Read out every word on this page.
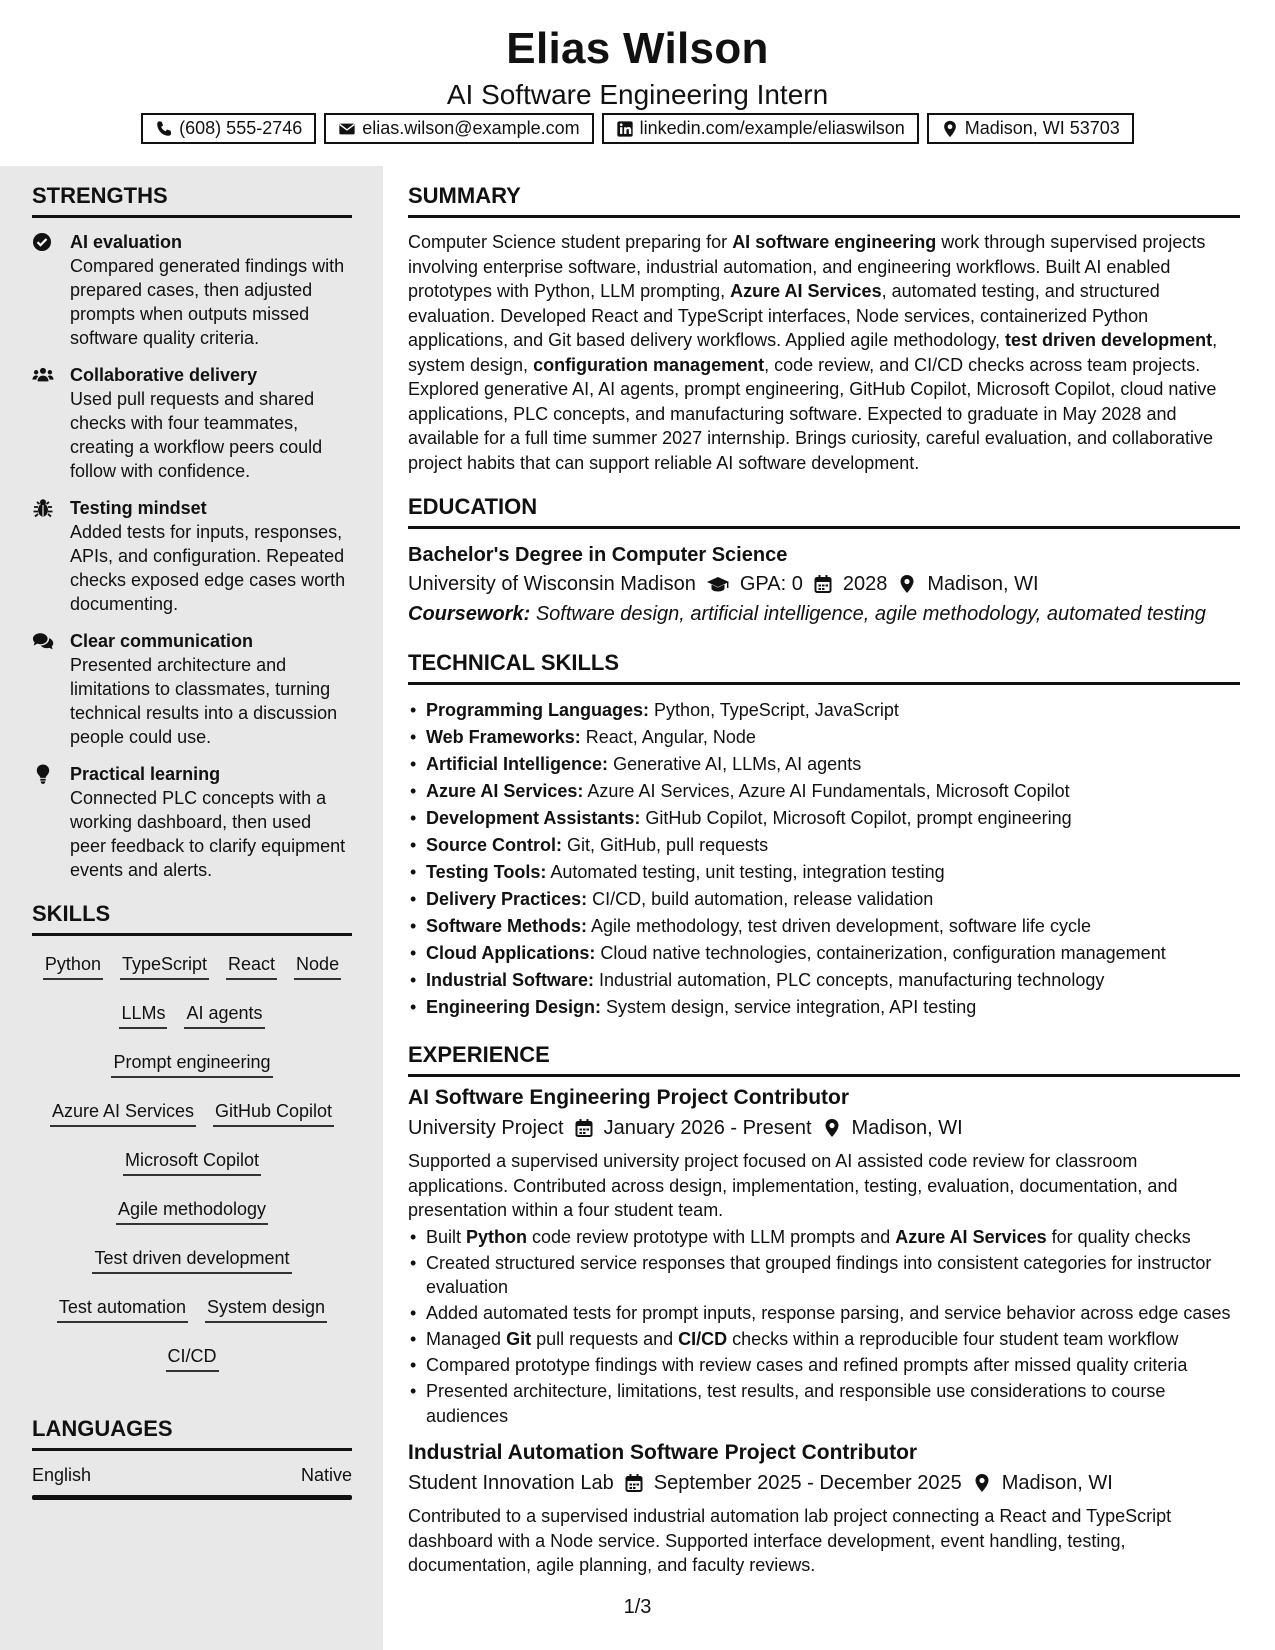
Elias Wilson
AI Software Engineering Intern
(608) 555-2746	elias.wilson@example.com	linkedin.com/example/eliaswilson	Madison, WI 53703
STRENGTHS
AI evaluation

Compared generated findings with prepared cases, then adjusted prompts when outputs missed software quality criteria.

Collaborative delivery

Used pull requests and shared checks with four teammates, creating a workflow peers could follow with confidence.

Testing mindset

Added tests for inputs, responses, APIs, and configuration. Repeated checks exposed edge cases worth documenting.

Clear communication

Presented architecture and limitations to classmates, turning technical results into a discussion people could use.

Practical learning

Connected PLC concepts with a working dashboard, then used peer feedback to clarify equipment events and alerts.

SKILLS
Python TypeScript React Node
LLMs AI agents
Prompt engineering
Azure AI Services GitHub Copilot
Microsoft Copilot
Agile methodology
Test driven development
Test automation System design
CI/CD
LANGUAGES
English	Native
SUMMARY
Computer Science student preparing for AI software engineering work through supervised projects involving enterprise software, industrial automation, and engineering workflows. Built AI enabled prototypes with Python, LLM prompting, Azure AI Services, automated testing, and structured evaluation. Developed React and TypeScript interfaces, Node services, containerized Python applications, and Git based delivery workflows. Applied agile methodology, test driven development, system design, configuration management, code review, and CI/CD checks across team projects. Explored generative AI, AI agents, prompt engineering, GitHub Copilot, Microsoft Copilot, cloud native applications, PLC concepts, and manufacturing software. Expected to graduate in May 2028 and available for a full time summer 2027 internship. Brings curiosity, careful evaluation, and collaborative project habits that can support reliable AI software development.
EDUCATION
Bachelor's Degree in Computer Science
University of Wisconsin Madison GPA: 0 2028 Madison, WI
Coursework: Software design, artificial intelligence, agile methodology, automated testing
TECHNICAL SKILLS
• Programming Languages: Python, TypeScript, JavaScript
• Web Frameworks: React, Angular, Node
• Artificial Intelligence: Generative AI, LLMs, AI agents
• Azure AI Services: Azure AI Services, Azure AI Fundamentals, Microsoft Copilot
• Development Assistants: GitHub Copilot, Microsoft Copilot, prompt engineering
• Source Control: Git, GitHub, pull requests
• Testing Tools: Automated testing, unit testing, integration testing
• Delivery Practices: CI/CD, build automation, release validation
• Software Methods: Agile methodology, test driven development, software life cycle
• Cloud Applications: Cloud native technologies, containerization, configuration management
• Industrial Software: Industrial automation, PLC concepts, manufacturing technology
• Engineering Design: System design, service integration, API testing
EXPERIENCE
AI Software Engineering Project Contributor
University Project January 2026 - Present Madison, WI
Supported a supervised university project focused on AI assisted code review for classroom applications. Contributed across design, implementation, testing, evaluation, documentation, and presentation within a four student team.
• Built Python code review prototype with LLM prompts and Azure AI Services for quality checks
• Created structured service responses that grouped findings into consistent categories for instructor evaluation
• Added automated tests for prompt inputs, response parsing, and service behavior across edge cases
• Managed Git pull requests and CI/CD checks within a reproducible four student team workflow
• Compared prototype findings with review cases and refined prompts after missed quality criteria
• Presented architecture, limitations, test results, and responsible use considerations to course audiences
Industrial Automation Software Project Contributor
Student Innovation Lab September 2025 - December 2025 Madison, WI
Contributed to a supervised industrial automation lab project connecting a React and TypeScript dashboard with a Node service. Supported interface development, event handling, testing, documentation, agile planning, and faculty reviews.
1/3
